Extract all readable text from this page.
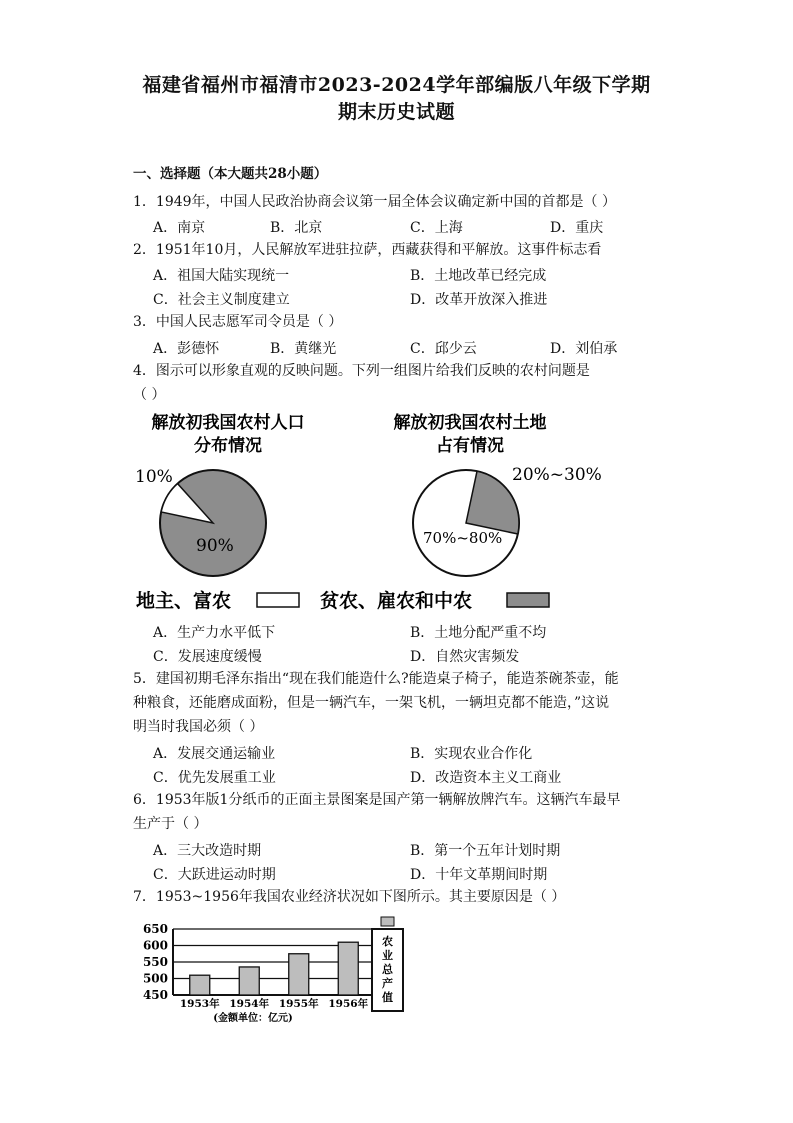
福建省福州市福清市2023-2024学年部编版八年级下学期
期末历史试题
一、选择题（本大题共28小题）
1．1949年，中国人民政治协商会议第一届全体会议确定新中国的首都是（ ）
A．南京	B．北京	C．上海	D．重庆
2．1951年10月，人民解放军进驻拉萨，西藏获得和平解放。这事件标志看
A．祖国大陆实现统一	B．土地改革已经完成
C．社会主义制度建立	D．改革开放深入推进
3．中国人民志愿军司令员是（ ）
A．彭德怀	B．黄继光	C．邱少云	D．刘伯承
4．图示可以形象直观的反映问题。下列一组图片给我们反映的农村问题是
（ ）
解放初我国农村人口
分布情况
解放初我国农村土地
占有情况
10%
90%
20%~30%
70%~80%
地主、富农	贫农、雇农和中农
A．生产力水平低下	B．土地分配严重不均
C．发展速度缓慢	D．自然灾害频发
5．建国初期毛泽东指出“现在我们能造什么?能造桌子椅子，能造茶碗茶壶，能
种粮食，还能磨成面粉，但是一辆汽车，一架飞机，一辆坦克都不能造，”这说
明当时我国必须（ ）
A．发展交通运输业	B．实现农业合作化
C．优先发展重工业	D．改造资本主义工商业
6．1953年版1分纸币的正面主景图案是国产第一辆解放牌汽车。这辆汽车最早
生产于（ ）
A．三大改造时期	B．第一个五年计划时期
C．大跃进运动时期	D．十年文革期间时期
7．1953~1956年我国农业经济状况如下图所示。其主要原因是（ ）
450
500
550
600
650
1953年 1954年 1955年 1956年
农业总产值
(金额单位：亿元)
